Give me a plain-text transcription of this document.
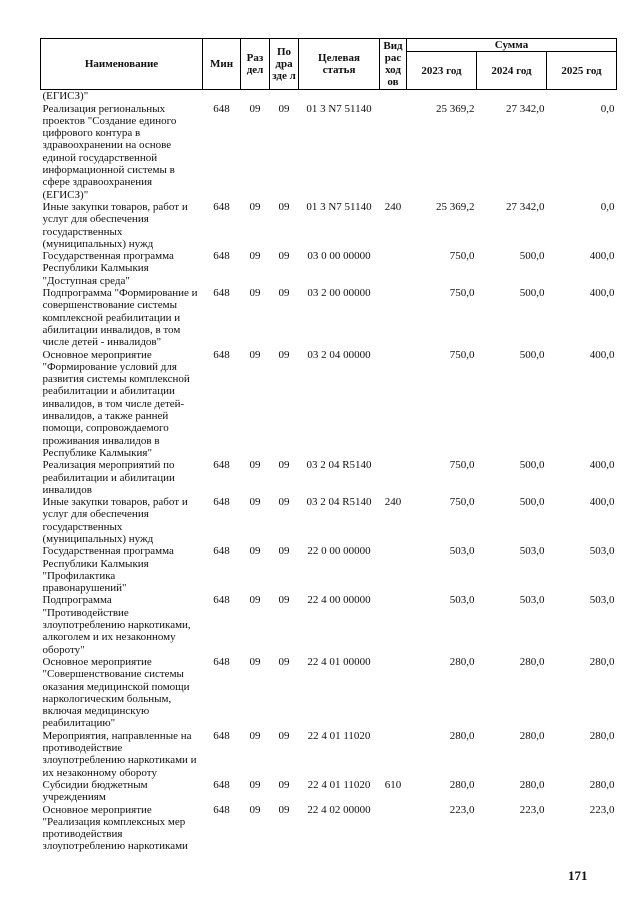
Наименование	Мин	Раз дел	По дра зде л	Целевая статья	Вид рас ход ов	Сумма		
						2023 год	2024 год	2025 год
(ЕГИСЗ)"								
Реализация региональных проектов "Создание единого цифрового контура в здравоохранении на основе единой государственной информационной системы в сфере здравоохранения (ЕГИСЗ)"	648	09	09	01 3 N7 51140		25 369,2	27 342,0	0,0
Иные закупки товаров, работ и услуг для обеспечения государственных (муниципальных) нужд	648	09	09	01 3 N7 51140	240	25 369,2	27 342,0	0,0
Государственная программа Республики Калмыкия "Доступная среда"	648	09	09	03 0 00 00000		750,0	500,0	400,0
Подпрограмма "Формирование и совершенствование системы комплексной реабилитации и абилитации инвалидов, в том числе детей - инвалидов"	648	09	09	03 2 00 00000		750,0	500,0	400,0
Основное мероприятие "Формирование условий для развития системы комплексной реабилитации и абилитации инвалидов, в том числе детей-инвалидов, а также ранней помощи, сопровождаемого проживания инвалидов в Республике Калмыкия"	648	09	09	03 2 04 00000		750,0	500,0	400,0
Реализация мероприятий по реабилитации и абилитации инвалидов	648	09	09	03 2 04 R5140		750,0	500,0	400,0
Иные закупки товаров, работ и услуг для обеспечения государственных (муниципальных) нужд	648	09	09	03 2 04 R5140	240	750,0	500,0	400,0
Государственная программа Республики Калмыкия "Профилактика правонарушений"	648	09	09	22 0 00 00000		503,0	503,0	503,0
Подпрограмма "Противодействие злоупотреблению наркотиками, алкоголем и их незаконному обороту"	648	09	09	22 4 00 00000		503,0	503,0	503,0
Основное мероприятие "Совершенствование системы оказания медицинской помощи наркологическим больным, включая медицинскую реабилитацию"	648	09	09	22 4 01 00000		280,0	280,0	280,0
Мероприятия, направленные на противодействие злоупотреблению наркотиками и их незаконному обороту	648	09	09	22 4 01 11020		280,0	280,0	280,0
Субсидии бюджетным учреждениям	648	09	09	22 4 01 11020	610	280,0	280,0	280,0
Основное мероприятие "Реализация комплексных мер противодействия злоупотреблению наркотиками	648	09	09	22 4 02 00000		223,0	223,0	223,0
171
